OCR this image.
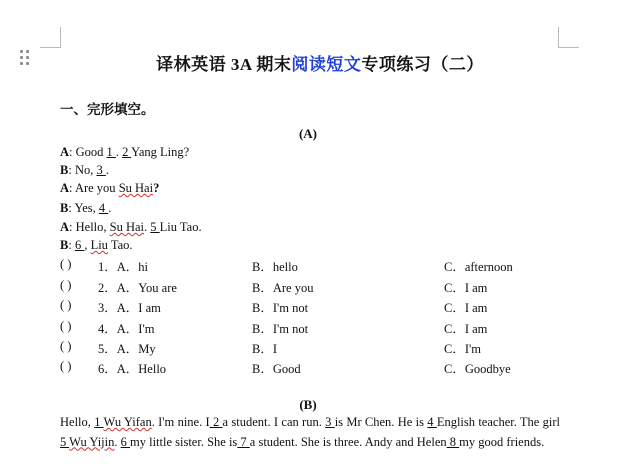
译林英语 3A 期末阅读短文专项练习（二）
一、完形填空。
(A)
A: Good 1 . 2 Yang Ling?
B: No, 3 .
A: Are you Su Hai?
B: Yes, 4 .
A: Hello, Su Hai. 5 Liu Tao.
B: 6 , Liu Tao.
( ) 1．A．hi	B．hello	C．afternoon
( ) 2．A．You are	B．Are you	C．I am
( ) 3．A．I am	B．I'm not	C．I am
( ) 4．A．I'm	B．I'm not	C．I am
( ) 5．A．My	B．I	C．I'm
( ) 6．A．Hello	B．Good	C．Goodbye
(B)
Hello, 1 Wu Yifan. I'm nine. I 2 a student. I can run. 3 is Mr Chen. He is 4 English teacher. The girl 5 Wu Yijin. 6 my little sister. She is 7 a student. She is three. Andy and Helen 8 my good friends.
